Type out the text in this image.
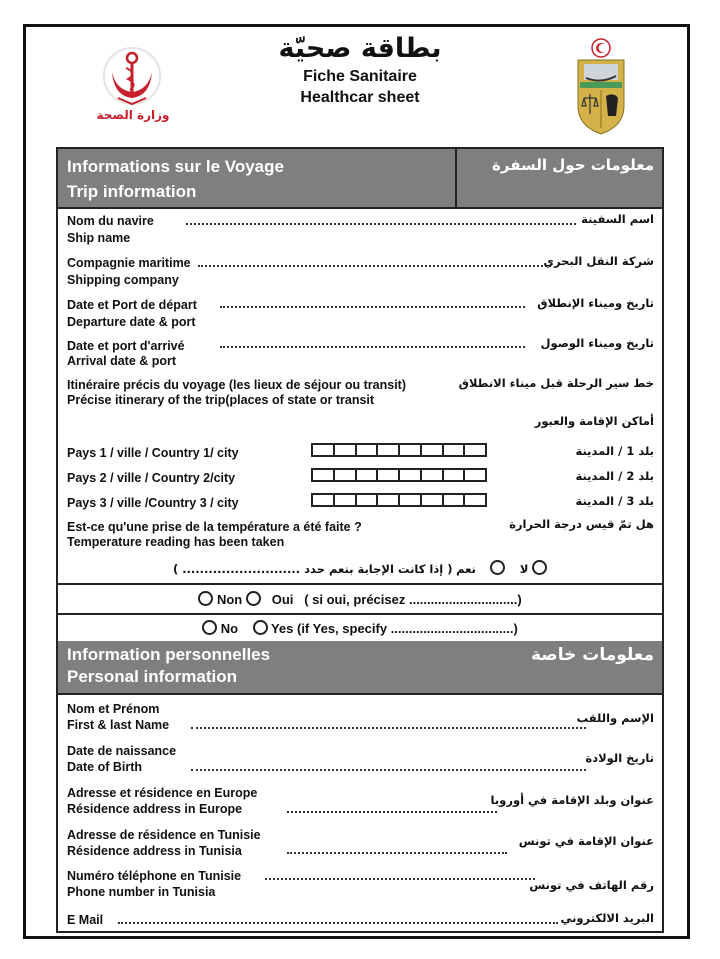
وزارة الصحة
بطاقة صحيّة
Fiche Sanitaire
Healthcar sheet
Informations sur le Voyage
Trip information
معلومات حول السفرة
Nom du navire
Ship name
اسم السفينة
Compagnie maritime
Shipping company
شركة النقل البحري
Date et Port de départ
Departure date & port
تاريخ وميناء الإنطلاق
Date et port d'arrivé
Arrival date & port
تاريخ وميناء الوصول
Itinéraire précis du voyage (les lieux de séjour ou transit)
Précise itinerary of the trip(places of state or transit
خط سير الرحلة قبل ميناء الانطلاق
أماكن الإقامة والعبور
Pays 1 / ville / Country 1/ city	بلد 1 / المدينة
Pays 2 / ville / Country 2/city	بلد 2 / المدينة
Pays 3 / ville /Country 3 / city	بلد 3 / المدينة
Est-ce qu'une prise de la température a été faite ?
Temperature reading has been taken
هل تمّ قيس درجة الحرارة
لا        نعم ( إذا كانت الإجابة بنعم حدد ........................... )
Non Oui ( si oui, précisez ..............................)
No	Yes (if Yes, specify ..................................)
Information personnelles
Personal information
معلومات خاصة
Nom et Prénom
First & last Name	الإسم واللقب
Date de naissance
Date of Birth
تاريخ الولادة
Adresse et résidence en Europe
Résidence address in Europe
عنوان وبلد الإقامة في أوروبا
Adresse de résidence en Tunisie
Résidence address in Tunisia
عنوان الإقامة في تونس
Numéro téléphone en Tunisie
Phone number in Tunisia	رقم الهاتف في تونس
E Mail	البريد الالكتروني
